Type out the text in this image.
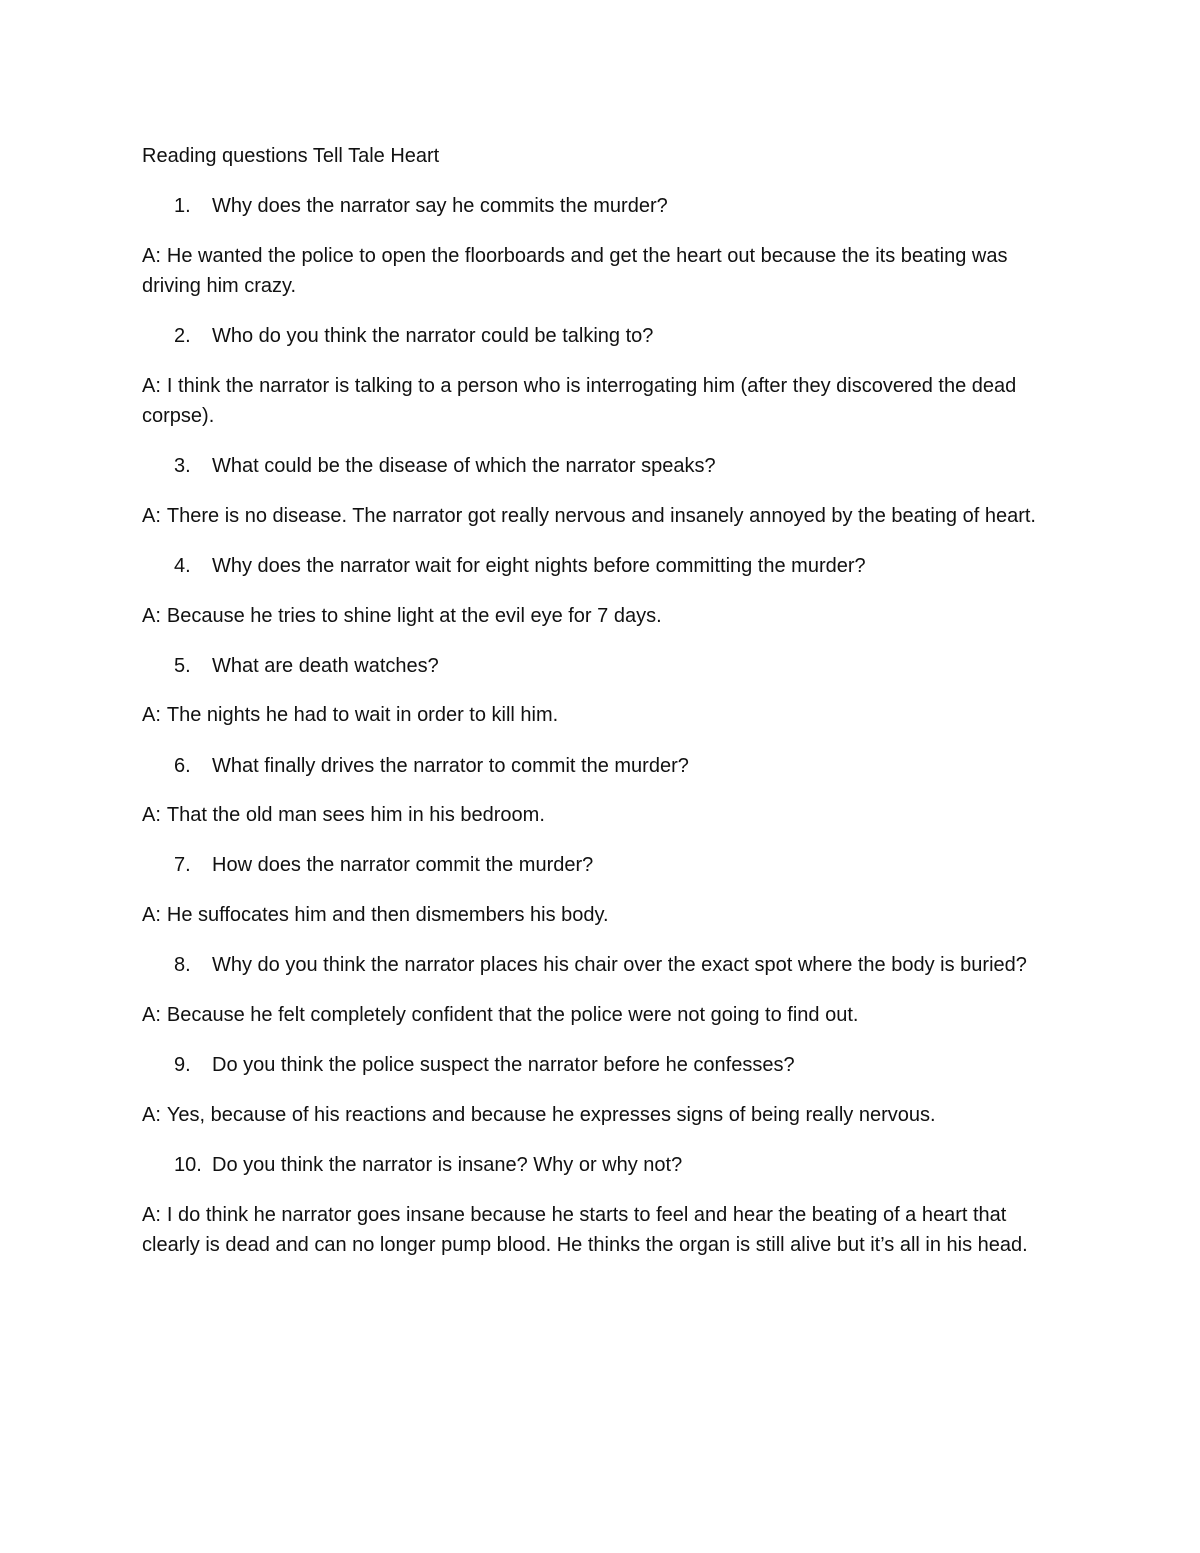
Reading questions Tell Tale Heart
1. Why does the narrator say he commits the murder?
A: He wanted the police to open the floorboards and get the heart out because the its beating was driving him crazy.
2. Who do you think the narrator could be talking to?
A: I think the narrator is talking to a person who is interrogating him (after they discovered the dead corpse).
3. What could be the disease of which the narrator speaks?
A: There is no disease. The narrator got really nervous and insanely annoyed by the beating of heart.
4. Why does the narrator wait for eight nights before committing the murder?
A: Because he tries to shine light at the evil eye for 7 days.
5. What are death watches?
A: The nights he had to wait in order to kill him.
6. What finally drives the narrator to commit the murder?
A: That the old man sees him in his bedroom.
7. How does the narrator commit the murder?
A: He suffocates him and then dismembers his body.
8. Why do you think the narrator places his chair over the exact spot where the body is buried?
A: Because he felt completely confident that the police were not going to find out.
9. Do you think the police suspect the narrator before he confesses?
A: Yes, because of his reactions and because he expresses signs of being really nervous.
10. Do you think the narrator is insane? Why or why not?
A: I do think he narrator goes insane because he starts to feel and hear the beating of a heart that clearly is dead and can no longer pump blood. He thinks the organ is still alive but it’s all in his head.
